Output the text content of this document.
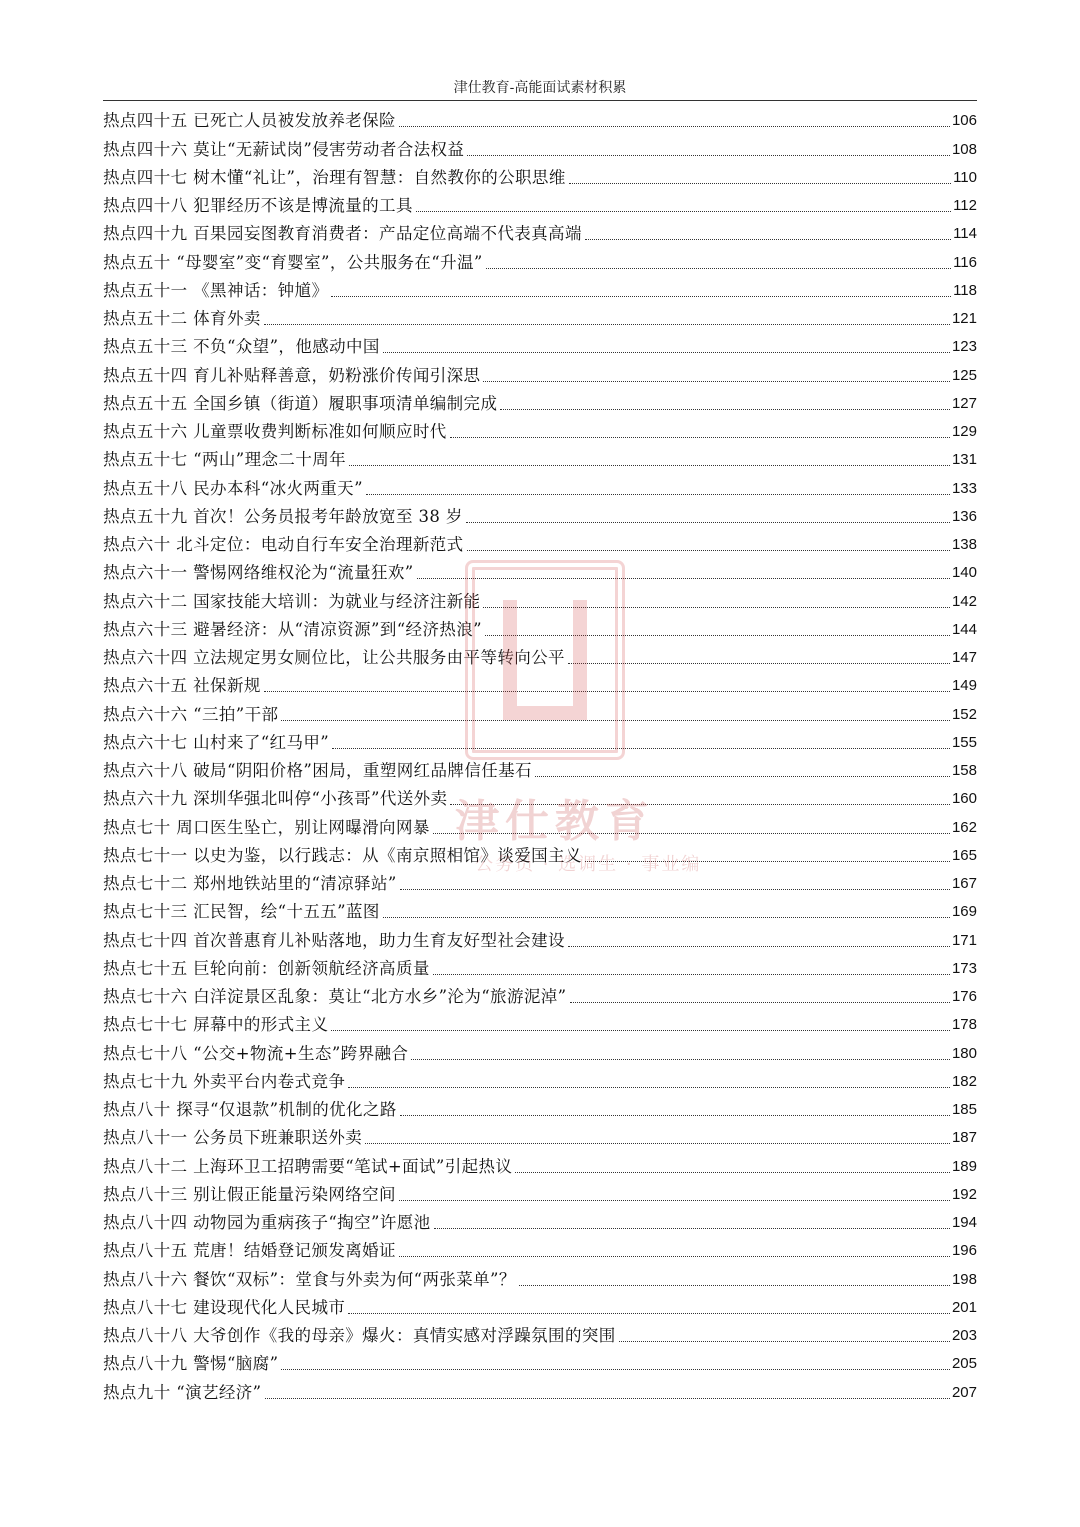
津仕教育-高能面试素材积累
热点四十五 已死亡人员被发放养老保险	106
热点四十六 莫让“无薪试岗”侵害劳动者合法权益	108
热点四十七 树木懂“礼让”，治理有智慧：自然教你的公职思维	110
热点四十八 犯罪经历不该是博流量的工具	112
热点四十九 百果园妄图教育消费者：产品定位高端不代表真高端	114
热点五十 “母婴室”变“育婴室”，公共服务在“升温”	116
热点五十一 《黑神话：钟馗》	118
热点五十二 体育外卖	121
热点五十三 不负“众望”，他感动中国	123
热点五十四 育儿补贴释善意，奶粉涨价传闻引深思	125
热点五十五 全国乡镇（街道）履职事项清单编制完成	127
热点五十六 儿童票收费判断标准如何顺应时代	129
热点五十七 “两山”理念二十周年	131
热点五十八 民办本科“冰火两重天”	133
热点五十九 首次！公务员报考年龄放宽至 38 岁	136
热点六十 北斗定位：电动自行车安全治理新范式	138
热点六十一 警惕网络维权沦为“流量狂欢”	140
热点六十二 国家技能大培训：为就业与经济注新能	142
热点六十三 避暑经济：从“清凉资源”到“经济热浪”	144
热点六十四 立法规定男女厕位比，让公共服务由平等转向公平	147
热点六十五 社保新规	149
热点六十六 “三拍”干部	152
热点六十七 山村来了“红马甲”	155
热点六十八 破局“阴阳价格”困局，重塑网红品牌信任基石	158
热点六十九 深圳华强北叫停“小孩哥”代送外卖	160
热点七十 周口医生坠亡，别让网曝滑向网暴	162
热点七十一 以史为鉴，以行践志：从《南京照相馆》谈爱国主义	165
热点七十二 郑州地铁站里的“清凉驿站”	167
热点七十三 汇民智，绘“十五五”蓝图	169
热点七十四 首次普惠育儿补贴落地，助力生育友好型社会建设	171
热点七十五 巨轮向前：创新领航经济高质量	173
热点七十六 白洋淀景区乱象：莫让“北方水乡”沦为“旅游泥淖”	176
热点七十七 屏幕中的形式主义	178
热点七十八 “公交+物流+生态”跨界融合	180
热点七十九 外卖平台内卷式竞争	182
热点八十 探寻“仅退款”机制的优化之路	185
热点八十一 公务员下班兼职送外卖	187
热点八十二 上海环卫工招聘需要“笔试+面试”引起热议	189
热点八十三 别让假正能量污染网络空间	192
热点八十四 动物园为重病孩子“掏空”许愿池	194
热点八十五 荒唐！结婚登记颁发离婚证	196
热点八十六 餐饮“双标”：堂食与外卖为何“两张菜单”？	198
热点八十七 建设现代化人民城市	201
热点八十八 大爷创作《我的母亲》爆火：真情实感对浮躁氛围的突围	203
热点八十九 警惕“脑腐”	205
热点九十 “演艺经济”	207
津仕教育
公务员 · 选调生 · 事业编
